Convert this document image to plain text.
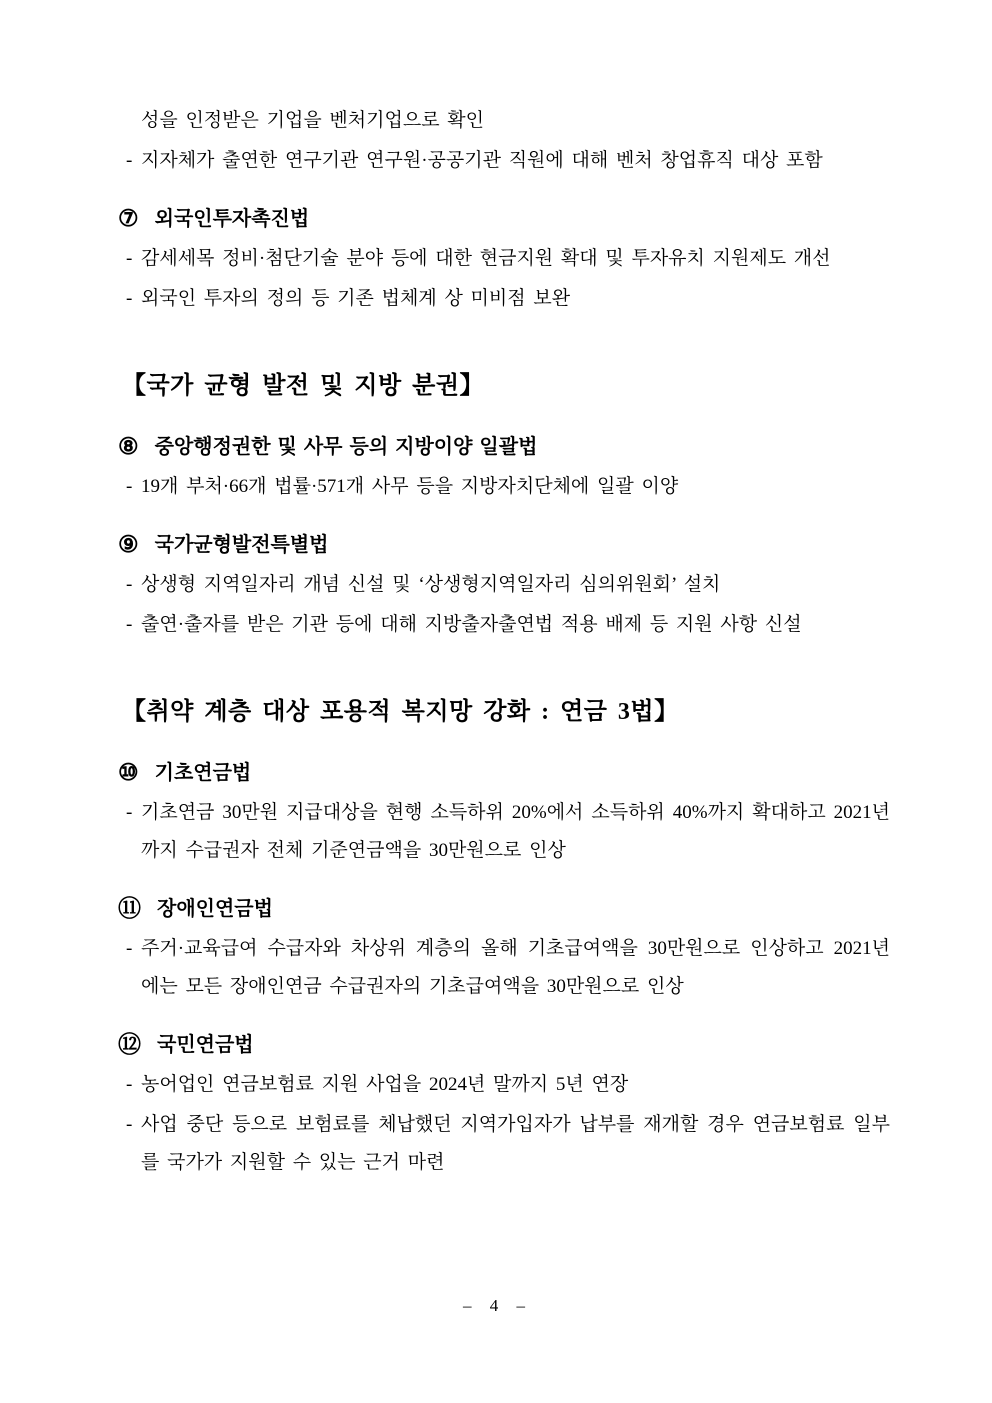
성을 인정받은 기업을 벤처기업으로 확인
- 지자체가 출연한 연구기관 연구원·공공기관 직원에 대해 벤처 창업휴직 대상 포함
⑦ 외국인투자촉진법
- 감세세목 정비·첨단기술 분야 등에 대한 현금지원 확대 및 투자유치 지원제도 개선
- 외국인 투자의 정의 등 기존 법체계 상 미비점 보완
【국가 균형 발전 및 지방 분권】
⑧ 중앙행정권한 및 사무 등의 지방이양 일괄법
- 19개 부처·66개 법률·571개 사무 등을 지방자치단체에 일괄 이양
⑨ 국가균형발전특별법
- 상생형 지역일자리 개념 신설 및 ‘상생형지역일자리 심의위원회’ 설치
- 출연·출자를 받은 기관 등에 대해 지방출자출연법 적용 배제 등 지원 사항 신설
【취약 계층 대상 포용적 복지망 강화 : 연금 3법】
⑩ 기초연금법
- 기초연금 30만원 지급대상을 현행 소득하위 20%에서 소득하위 40%까지 확대하고 2021년까지 수급권자 전체 기준연금액을 30만원으로 인상
⑪ 장애인연금법
- 주거·교육급여 수급자와 차상위 계층의 올해 기초급여액을 30만원으로 인상하고 2021년에는 모든 장애인연금 수급권자의 기초급여액을 30만원으로 인상
⑫ 국민연금법
- 농어업인 연금보험료 지원 사업을 2024년 말까지 5년 연장
- 사업 중단 등으로 보험료를 체납했던 지역가입자가 납부를 재개할 경우 연금보험료 일부를 국가가 지원할 수 있는 근거 마련
– 4 –
